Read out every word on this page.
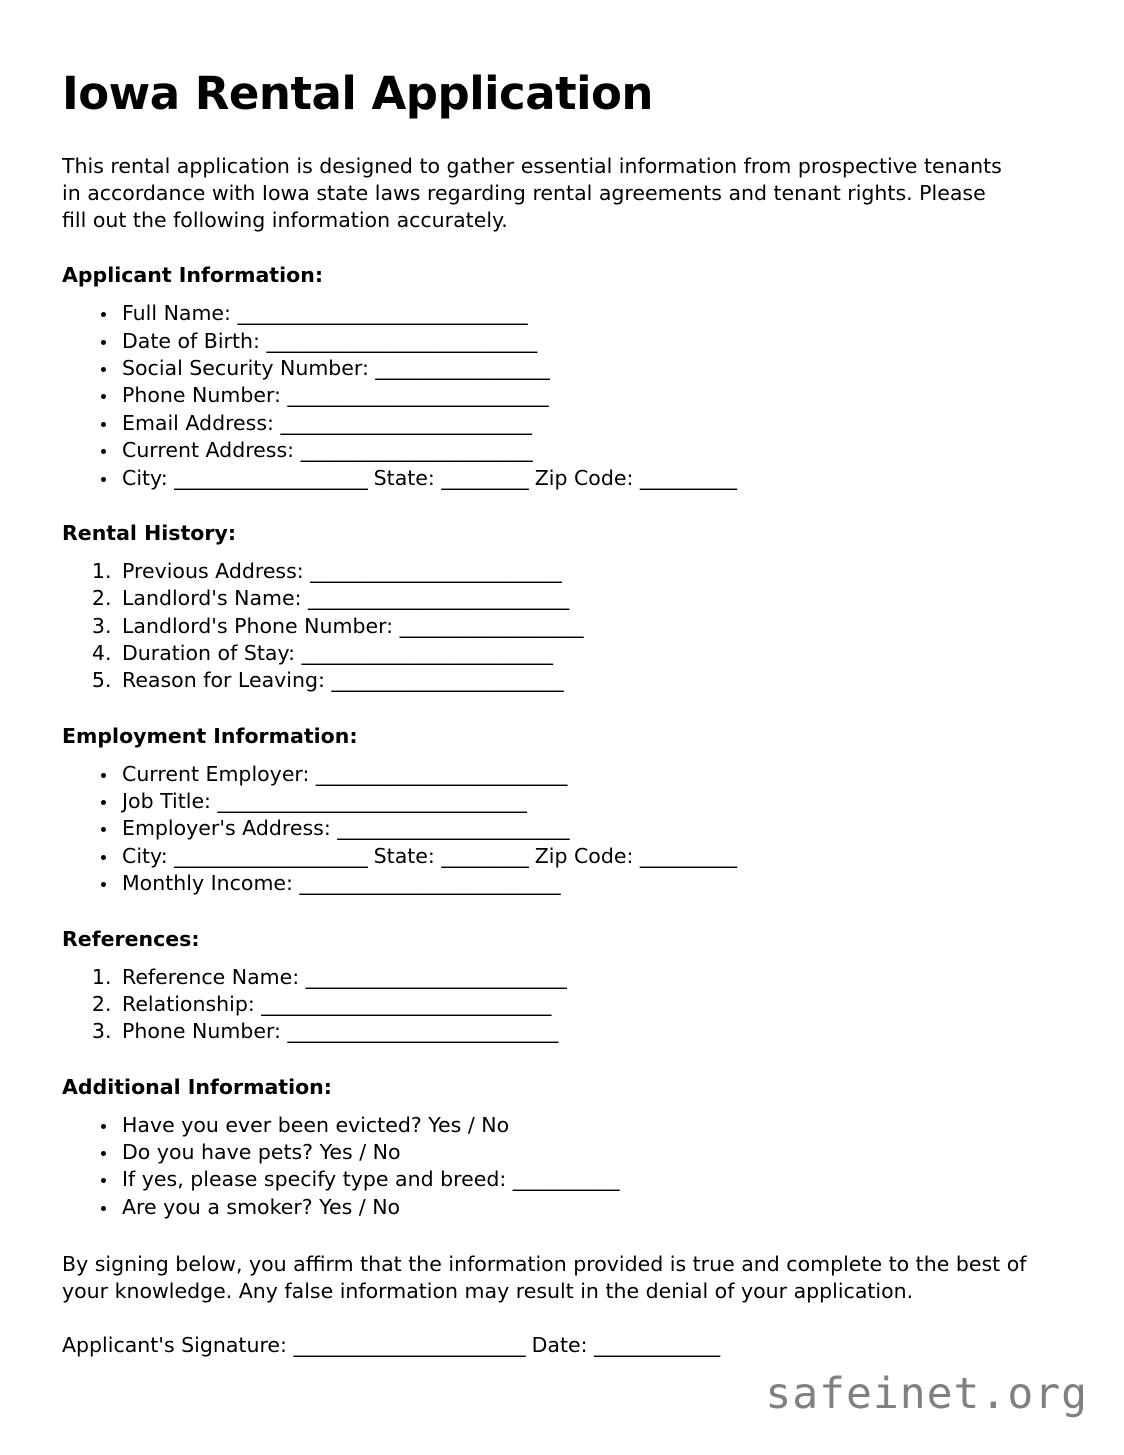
Iowa Rental Application

This rental application is designed to gather essential information from prospective tenants in accordance with Iowa state laws regarding rental agreements and tenant rights. Please fill out the following information accurately.

Applicant Information:
• Full Name: ______________________________
• Date of Birth: ____________________________
• Social Security Number: __________________
• Phone Number: ___________________________
• Email Address: __________________________
• Current Address: ________________________
• City: ____________________ State: _________ Zip Code: __________
Rental History:
1. Previous Address: __________________________
2. Landlord's Name: ___________________________
3. Landlord's Phone Number: ___________________
4. Duration of Stay: __________________________
5. Reason for Leaving: ________________________
Employment Information:
• Current Employer: __________________________
• Job Title: ________________________________
• Employer's Address: ________________________
• City: ____________________ State: _________ Zip Code: __________
• Monthly Income: ___________________________
References:
1. Reference Name: ___________________________
2. Relationship: ______________________________
3. Phone Number: ____________________________
Additional Information:
• Have you ever been evicted? Yes / No
• Do you have pets? Yes / No
• If yes, please specify type and breed: ___________
• Are you a smoker? Yes / No

By signing below, you affirm that the information provided is true and complete to the best of your knowledge. Any false information may result in the denial of your application.

Applicant's Signature: ________________________ Date: _____________
safeinet.org
